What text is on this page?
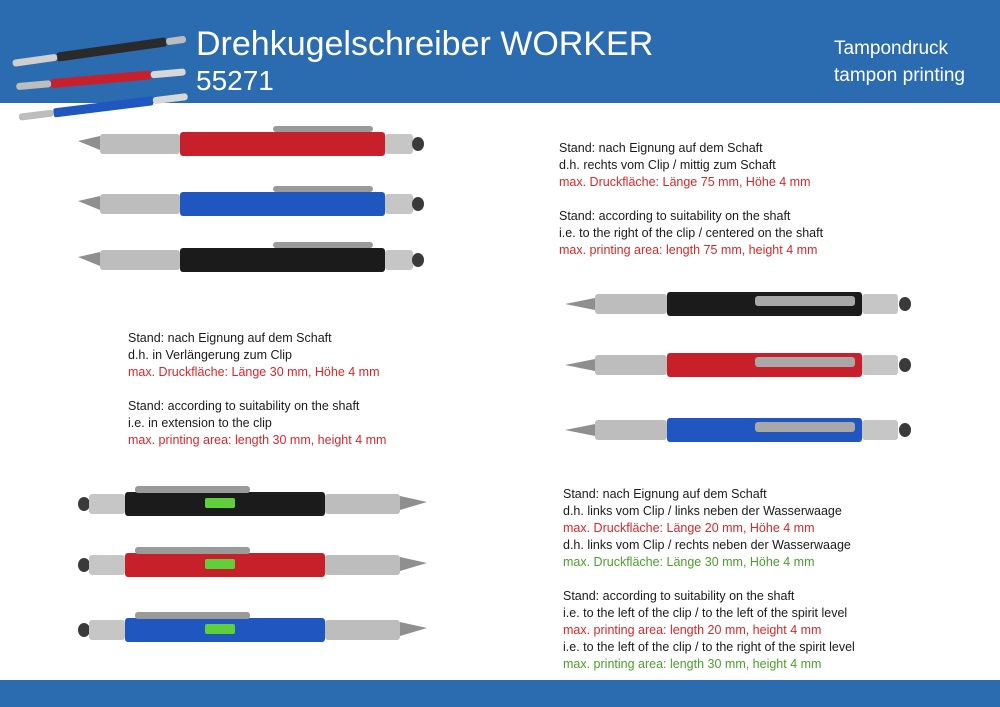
Drehkugelschreiber WORKER
55271
Tampondruck
tampon printing
Stand: nach Eignung auf dem Schaft
d.h. rechts vom Clip / mittig zum Schaft
max. Druckfläche: Länge 75 mm, Höhe 4 mm
Stand: according to suitability on the shaft
i.e. to the right of the clip / centered on the shaft
max. printing area: length 75 mm, height 4 mm
Stand: nach Eignung auf dem Schaft
d.h. in Verlängerung zum Clip
max. Druckfläche: Länge 30 mm, Höhe 4 mm
Stand: according to suitability on the shaft
i.e. in extension to the clip
max. printing area: length 30 mm, height 4 mm
Stand: nach Eignung auf dem Schaft
d.h. links vom Clip / links neben der Wasserwaage
max. Druckfläche: Länge 20 mm, Höhe 4 mm
d.h. links vom Clip / rechts neben der Wasserwaage
max. Druckfläche: Länge 30 mm, Höhe 4 mm
Stand: according to suitability on the shaft
i.e. to the left of the clip / to the left of the spirit level
max. printing area: length 20 mm, height 4 mm
i.e. to the left of the clip / to the right of the spirit level
max. printing area: length 30 mm, height 4 mm
